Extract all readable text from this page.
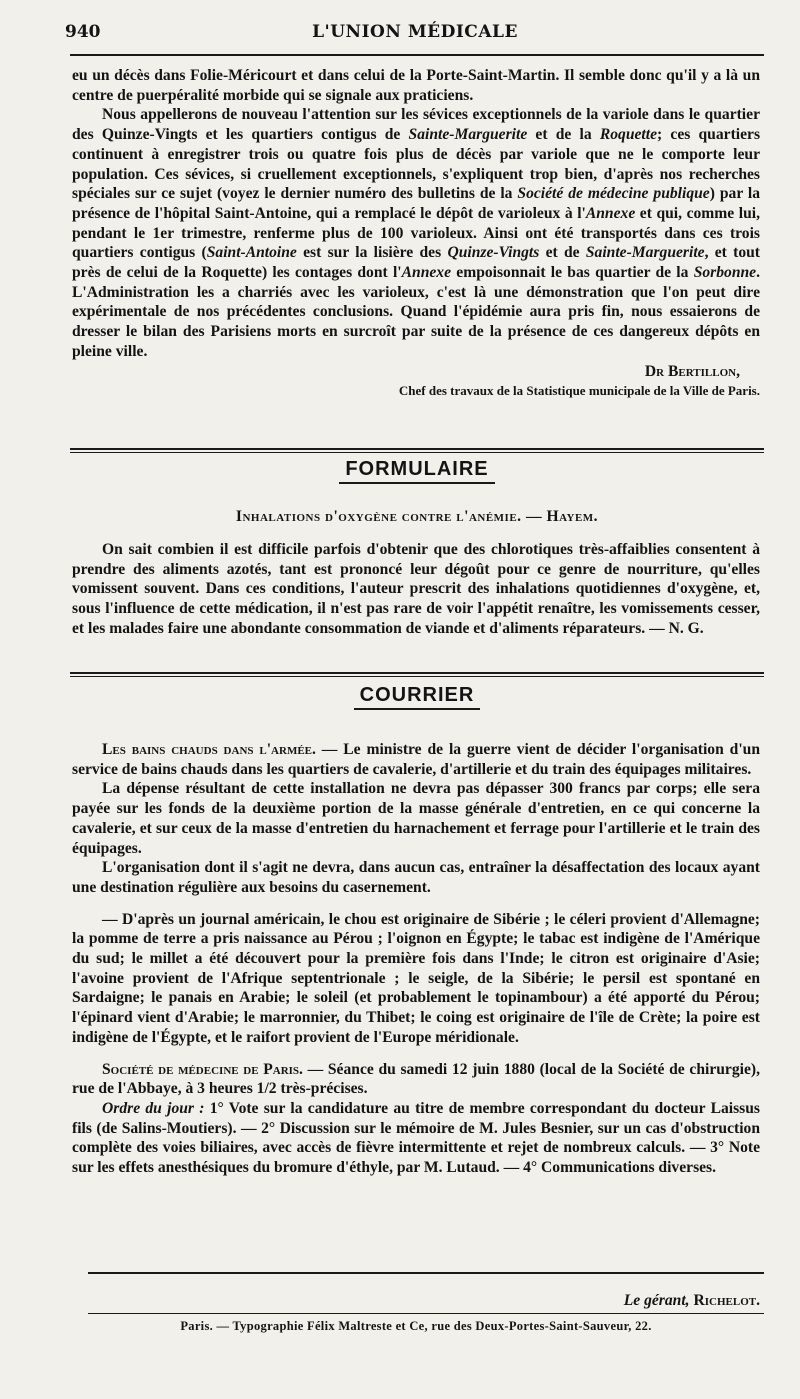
940	L'UNION MÉDICALE

eu un décès dans Folie-Méricourt et dans celui de la Porte-Saint-Martin. Il semble donc qu'il y a là un centre de puerpéralité morbide qui se signale aux praticiens.

Nous appellerons de nouveau l'attention sur les sévices exceptionnels de la variole dans le quartier des Quinze-Vingts et les quartiers contigus de Sainte-Marguerite et de la Roquette; ces quartiers continuent à enregistrer trois ou quatre fois plus de décès par variole que ne le comporte leur population. Ces sévices, si cruellement exceptionnels, s'expliquent trop bien, d'après nos recherches spéciales sur ce sujet (voyez le dernier numéro des bulletins de la Société de médecine publique) par la présence de l'hôpital Saint-Antoine, qui a remplacé le dépôt de varioleux à l'Annexe et qui, comme lui, pendant le 1er trimestre, renferme plus de 100 varioleux. Ainsi ont été transportés dans ces trois quartiers contigus (Saint-Antoine est sur la lisière des Quinze-Vingts et de Sainte-Marguerite, et tout près de celui de la Roquette) les contages dont l'Annexe empoisonnait le bas quartier de la Sorbonne. L'Administration les a charriés avec les varioleux, c'est là une démonstration que l'on peut dire expérimentale de nos précédentes conclusions. Quand l'épidémie aura pris fin, nous essaierons de dresser le bilan des Parisiens morts en surcroît par suite de la présence de ces dangereux dépôts en pleine ville.

Dr Bertillon,

Chef des travaux de la Statistique municipale de la Ville de Paris.

FORMULAIRE
Inhalations d'oxygène contre l'anémie. — Hayem.

On sait combien il est difficile parfois d'obtenir que des chlorotiques très-affaiblies consentent à prendre des aliments azotés, tant est prononcé leur dégoût pour ce genre de nourriture, qu'elles vomissent souvent. Dans ces conditions, l'auteur prescrit des inhalations quotidiennes d'oxygène, et, sous l'influence de cette médication, il n'est pas rare de voir l'appétit renaître, les vomissements cesser, et les malades faire une abondante consommation de viande et d'aliments réparateurs. — N. G.

COURRIER

Les bains chauds dans l'armée. — Le ministre de la guerre vient de décider l'organisation d'un service de bains chauds dans les quartiers de cavalerie, d'artillerie et du train des équipages militaires.

La dépense résultant de cette installation ne devra pas dépasser 300 francs par corps; elle sera payée sur les fonds de la deuxième portion de la masse générale d'entretien, en ce qui concerne la cavalerie, et sur ceux de la masse d'entretien du harnachement et ferrage pour l'artillerie et le train des équipages.

L'organisation dont il s'agit ne devra, dans aucun cas, entraîner la désaffectation des locaux ayant une destination régulière aux besoins du casernement.

— D'après un journal américain, le chou est originaire de Sibérie ; le céleri provient d'Allemagne; la pomme de terre a pris naissance au Pérou ; l'oignon en Égypte; le tabac est indigène de l'Amérique du sud; le millet a été découvert pour la première fois dans l'Inde; le citron est originaire d'Asie; l'avoine provient de l'Afrique septentrionale ; le seigle, de la Sibérie; le persil est spontané en Sardaigne; le panais en Arabie; le soleil (et probablement le topinambour) a été apporté du Pérou; l'épinard vient d'Arabie; le marronnier, du Thibet; le coing est originaire de l'île de Crète; la poire est indigène de l'Égypte, et le raifort provient de l'Europe méridionale.

Société de médecine de Paris. — Séance du samedi 12 juin 1880 (local de la Société de chirurgie), rue de l'Abbaye, à 3 heures 1/2 très-précises.

Ordre du jour : 1° Vote sur la candidature au titre de membre correspondant du docteur Laissus fils (de Salins-Moutiers). — 2° Discussion sur le mémoire de M. Jules Besnier, sur un cas d'obstruction complète des voies biliaires, avec accès de fièvre intermittente et rejet de nombreux calculs. — 3° Note sur les effets anesthésiques du bromure d'éthyle, par M. Lutaud. — 4° Communications diverses.

Le gérant, Richelot.
Paris. — Typographie Félix Maltreste et Ce, rue des Deux-Portes-Saint-Sauveur, 22.
